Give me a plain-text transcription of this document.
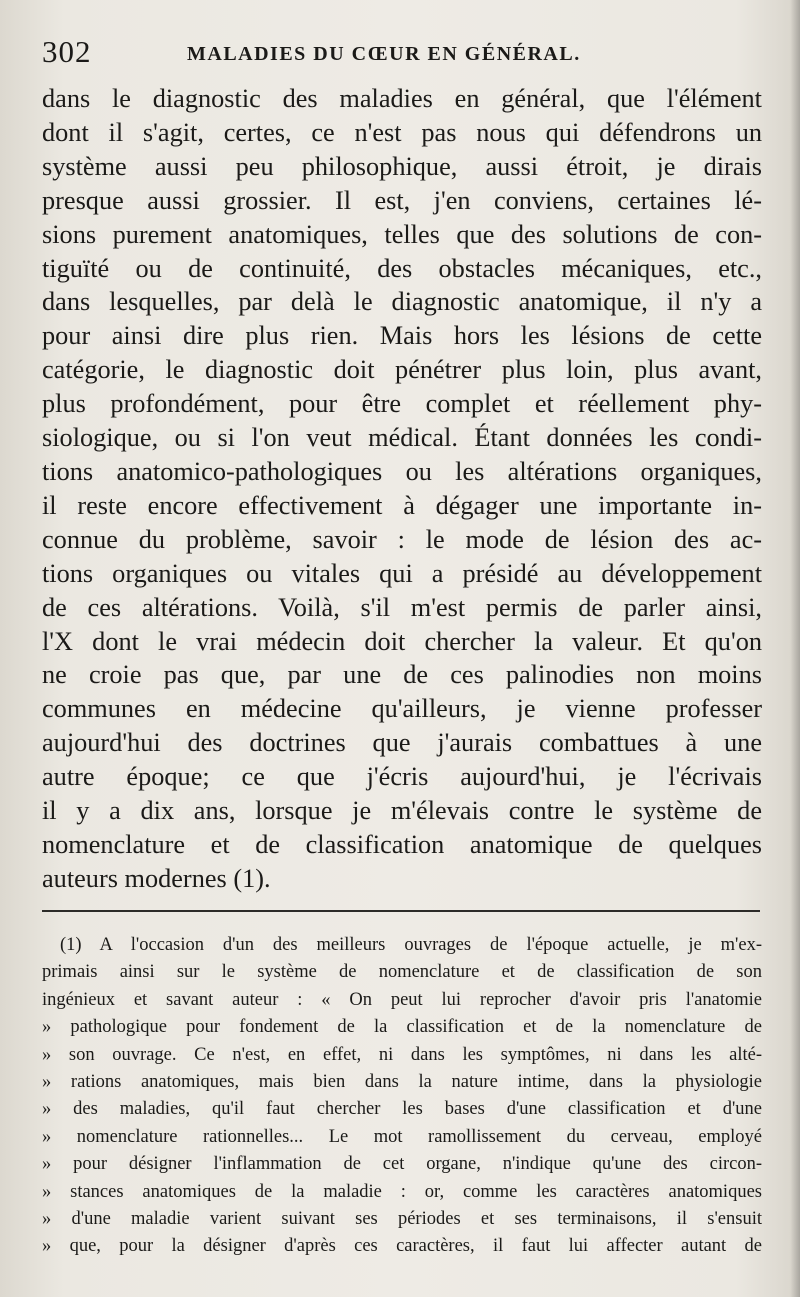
302	MALADIES DU CŒUR EN GÉNÉRAL.
dans le diagnostic des maladies en général, que l'élément
dont il s'agit, certes, ce n'est pas nous qui défendrons un
système aussi peu philosophique, aussi étroit, je dirais
presque aussi grossier. Il est, j'en conviens, certaines lé-
sions purement anatomiques, telles que des solutions de con-
tiguïté ou de continuité, des obstacles mécaniques, etc.,
dans lesquelles, par delà le diagnostic anatomique, il n'y a
pour ainsi dire plus rien. Mais hors les lésions de cette
catégorie, le diagnostic doit pénétrer plus loin, plus avant,
plus profondément, pour être complet et réellement phy-
siologique, ou si l'on veut médical. Étant données les condi-
tions anatomico-pathologiques ou les altérations organiques,
il reste encore effectivement à dégager une importante in-
connue du problème, savoir : le mode de lésion des ac-
tions organiques ou vitales qui a présidé au développement
de ces altérations. Voilà, s'il m'est permis de parler ainsi,
l'X dont le vrai médecin doit chercher la valeur. Et qu'on
ne croie pas que, par une de ces palinodies non moins
communes en médecine qu'ailleurs, je vienne professer
aujourd'hui des doctrines que j'aurais combattues à une
autre époque; ce que j'écris aujourd'hui, je l'écrivais
il y a dix ans, lorsque je m'élevais contre le système de
nomenclature et de classification anatomique de quelques
auteurs modernes (1).
(1) A l'occasion d'un des meilleurs ouvrages de l'époque actuelle, je m'ex-
primais ainsi sur le système de nomenclature et de classification de son
ingénieux et savant auteur : « On peut lui reprocher d'avoir pris l'anatomie
» pathologique pour fondement de la classification et de la nomenclature de
» son ouvrage. Ce n'est, en effet, ni dans les symptômes, ni dans les alté-
» rations anatomiques, mais bien dans la nature intime, dans la physiologie
» des maladies, qu'il faut chercher les bases d'une classification et d'une
» nomenclature rationnelles... Le mot ramollissement du cerveau, employé
» pour désigner l'inflammation de cet organe, n'indique qu'une des circon-
» stances anatomiques de la maladie : or, comme les caractères anatomiques
» d'une maladie varient suivant ses périodes et ses terminaisons, il s'ensuit
» que, pour la désigner d'après ces caractères, il faut lui affecter autant de
